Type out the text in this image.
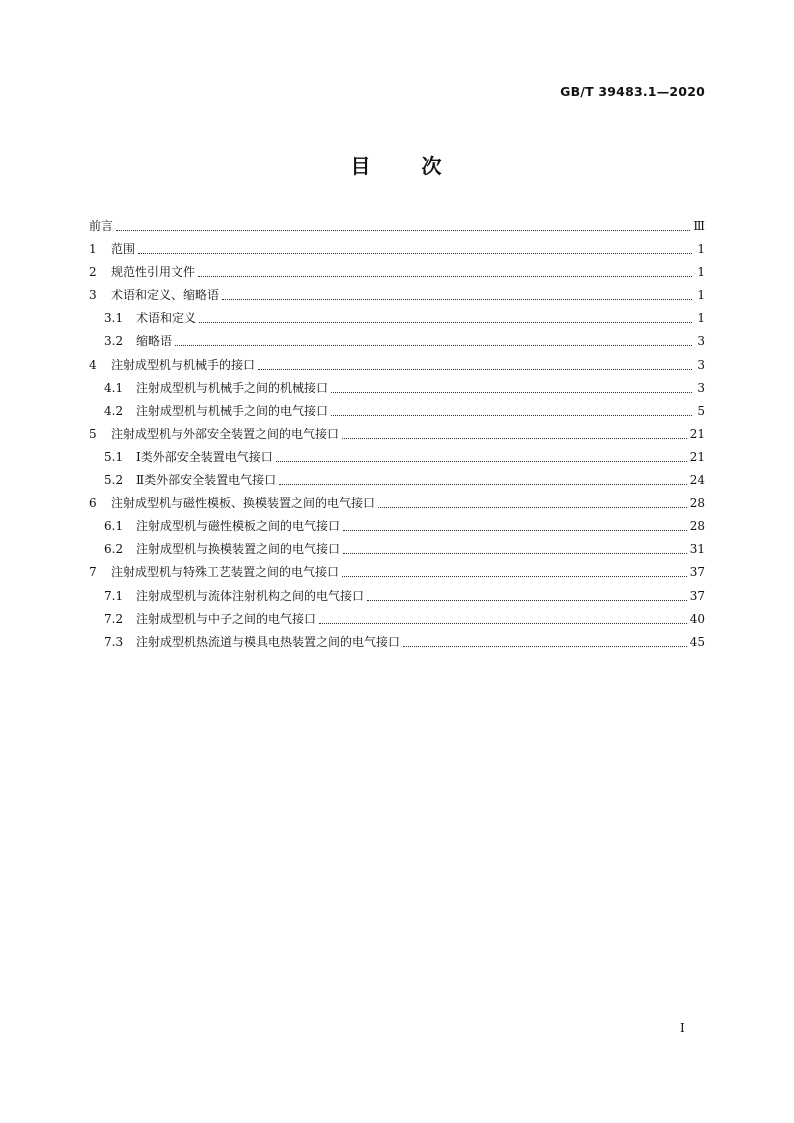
GB/T 39483.1—2020
目 次
前言	Ⅲ
1	范围	1
2	规范性引用文件	1
3	术语和定义、缩略语	1
3.1	术语和定义	1
3.2	缩略语	3
4	注射成型机与机械手的接口	3
4.1	注射成型机与机械手之间的机械接口	3
4.2	注射成型机与机械手之间的电气接口	5
5	注射成型机与外部安全装置之间的电气接口	21
5.1	Ⅰ类外部安全装置电气接口	21
5.2	Ⅱ类外部安全装置电气接口	24
6	注射成型机与磁性模板、换模装置之间的电气接口	28
6.1	注射成型机与磁性模板之间的电气接口	28
6.2	注射成型机与换模装置之间的电气接口	31
7	注射成型机与特殊工艺装置之间的电气接口	37
7.1	注射成型机与流体注射机构之间的电气接口	37
7.2	注射成型机与中子之间的电气接口	40
7.3	注射成型机热流道与模具电热装置之间的电气接口	45
Ⅰ
